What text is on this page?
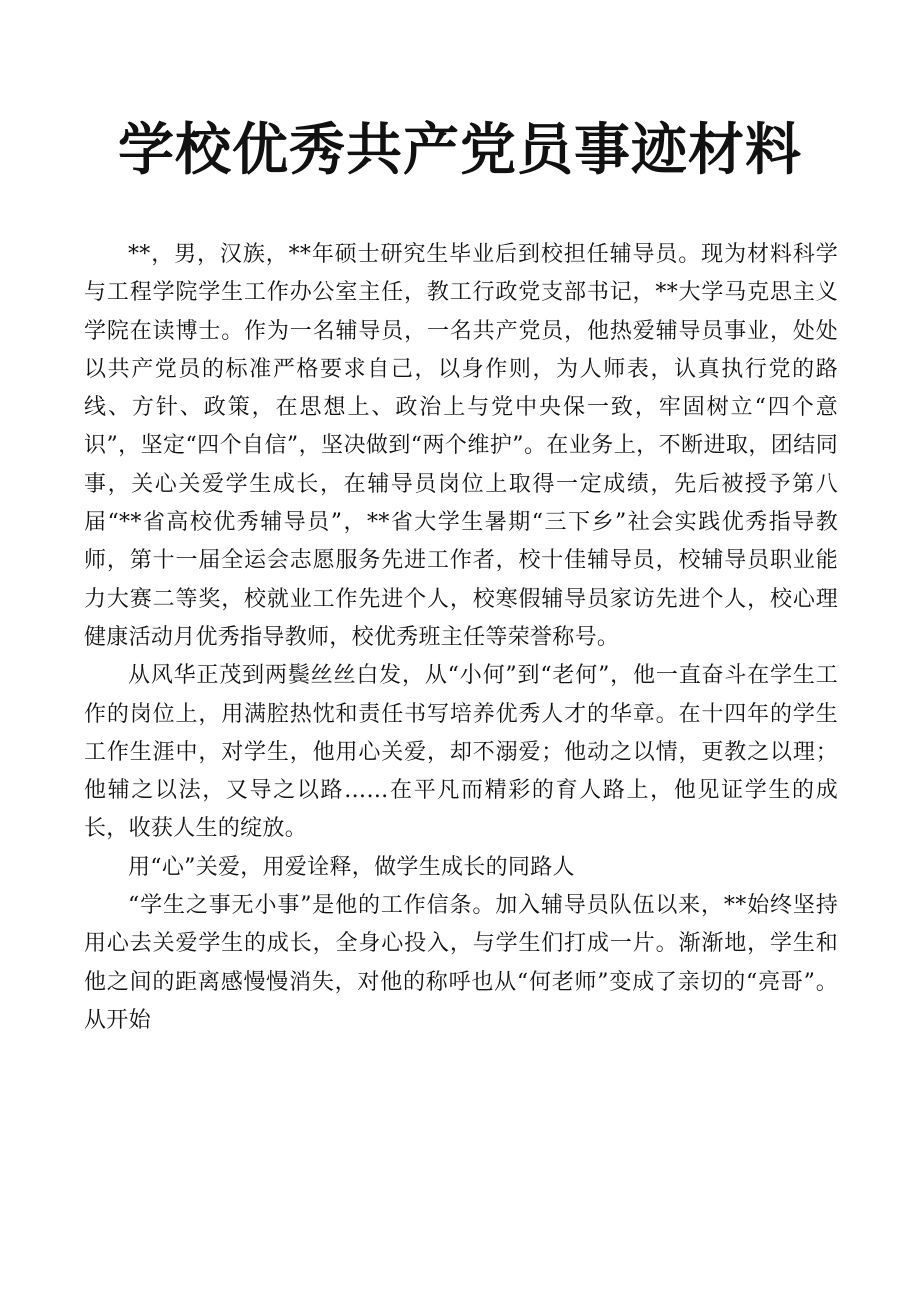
学校优秀共产党员事迹材料

**，男，汉族，**年硕士研究生毕业后到校担任辅导员。现为材料科学与工程学院学生工作办公室主任，教工行政党支部书记，**大学马克思主义学院在读博士。作为一名辅导员，一名共产党员，他热爱辅导员事业，处处以共产党员的标准严格要求自己，以身作则，为人师表，认真执行党的路线、方针、政策，在思想上、政治上与党中央保一致，牢固树立“四个意识”，坚定“四个自信”，坚决做到“两个维护”。在业务上，不断进取，团结同事，关心关爱学生成长，在辅导员岗位上取得一定成绩，先后被授予第八届“**省高校优秀辅导员”，**省大学生暑期“三下乡”社会实践优秀指导教师，第十一届全运会志愿服务先进工作者，校十佳辅导员，校辅导员职业能力大赛二等奖，校就业工作先进个人，校寒假辅导员家访先进个人，校心理健康活动月优秀指导教师，校优秀班主任等荣誉称号。

从风华正茂到两鬓丝丝白发，从“小何”到“老何”，他一直奋斗在学生工作的岗位上，用满腔热忱和责任书写培养优秀人才的华章。在十四年的学生工作生涯中，对学生，他用心关爱，却不溺爱；他动之以情，更教之以理；他辅之以法，又导之以路……在平凡而精彩的育人路上，他见证学生的成长，收获人生的绽放。

用“心”关爱，用爱诠释，做学生成长的同路人

“学生之事无小事”是他的工作信条。加入辅导员队伍以来，**始终坚持用心去关爱学生的成长，全身心投入，与学生们打成一片。渐渐地，学生和他之间的距离感慢慢消失，对他的称呼也从“何老师”变成了亲切的“亮哥”。从开始
